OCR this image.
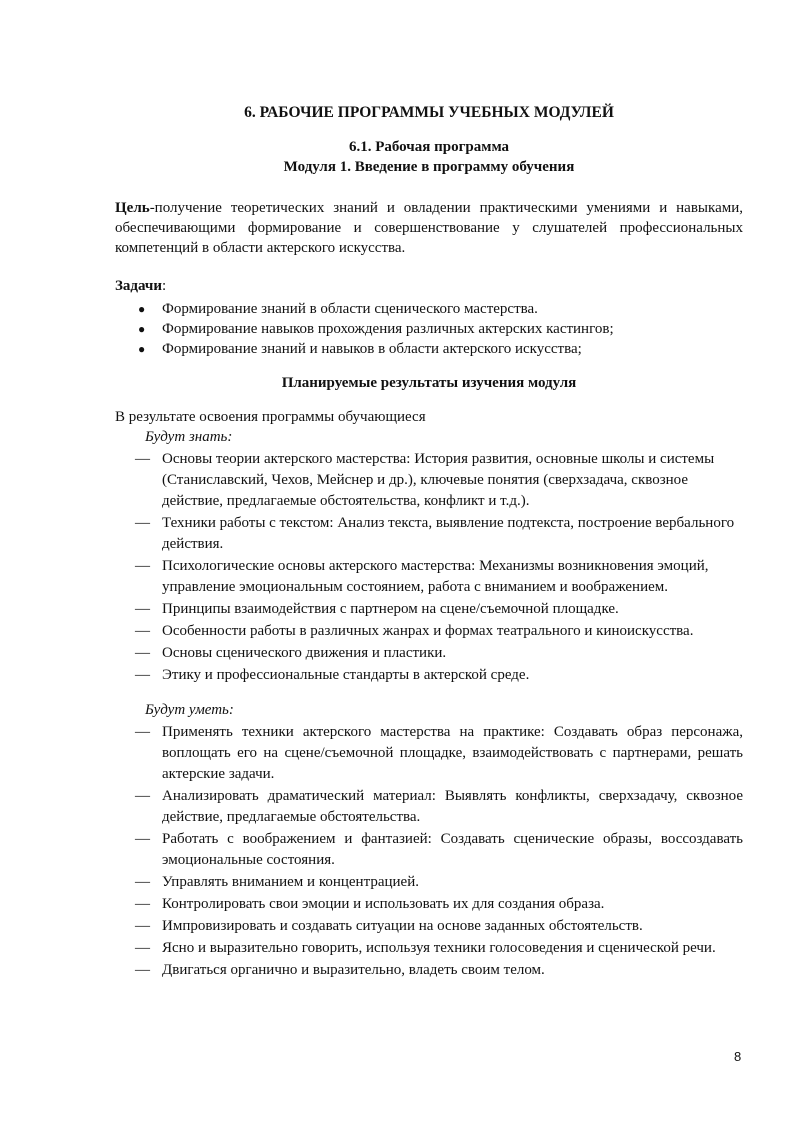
6. РАБОЧИЕ ПРОГРАММЫ УЧЕБНЫХ МОДУЛЕЙ

6.1. Рабочая программа
Модуля 1. Введение в программу обучения

Цель-получение теоретических знаний и овладении практическими умениями и навыками, обеспечивающими формирование и совершенствование у слушателей профессиональных компетенций в области актерского искусства.

Задачи:

● Формирование знаний в области сценического мастерства.
● Формирование навыков прохождения различных актерских кастингов;
● Формирование знаний и навыков в области актерского искусства;

Планируемые результаты изучения модуля

В результате освоения программы обучающиеся

Будут знать:

— Основы теории актерского мастерства: История развития, основные школы и системы (Станиславский, Чехов, Мейснер и др.), ключевые понятия (сверхзадача, сквозное действие, предлагаемые обстоятельства, конфликт и т.д.).
— Техники работы с текстом: Анализ текста, выявление подтекста, построение вербального действия.
— Психологические основы актерского мастерства: Механизмы возникновения эмоций, управление эмоциональным состоянием, работа с вниманием и воображением.
— Принципы взаимодействия с партнером на сцене/съемочной площадке.
— Особенности работы в различных жанрах и формах театрального и киноискусства.
— Основы сценического движения и пластики.
— Этику и профессиональные стандарты в актерской среде.

Будут уметь:

— Применять техники актерского мастерства на практике: Создавать образ персонажа, воплощать его на сцене/съемочной площадке, взаимодействовать с партнерами, решать актерские задачи.
— Анализировать драматический материал: Выявлять конфликты, сверхзадачу, сквозное действие, предлагаемые обстоятельства.
— Работать с воображением и фантазией: Создавать сценические образы, воссоздавать эмоциональные состояния.
— Управлять вниманием и концентрацией.
— Контролировать свои эмоции и использовать их для создания образа.
— Импровизировать и создавать ситуации на основе заданных обстоятельств.
— Ясно и выразительно говорить, используя техники голосоведения и сценической речи.
— Двигаться органично и выразительно, владеть своим телом.
8
